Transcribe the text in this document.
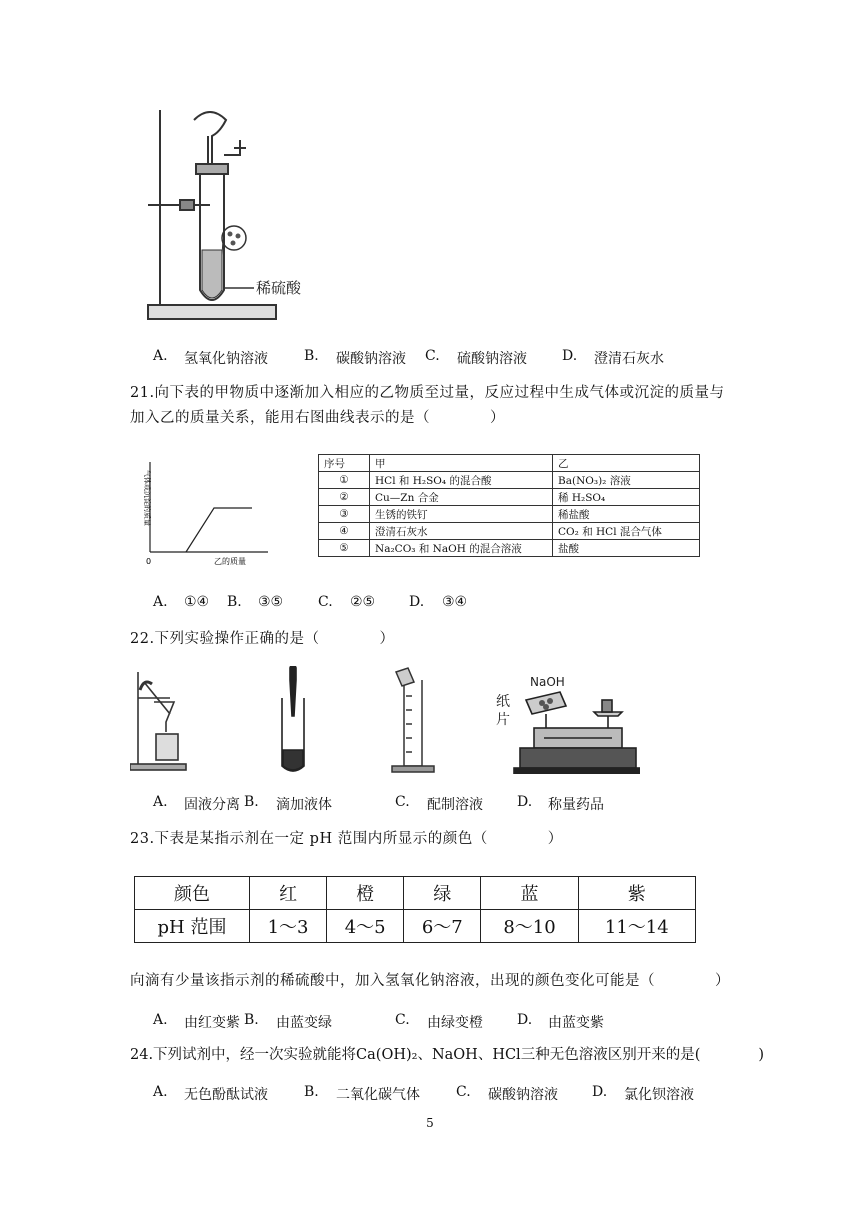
稀硫酸
A. 氢氧化钠溶液	B. 碳酸钠溶液 C. 硫酸钠溶液	D. 澄清石灰水
21.向下表的甲物质中逐渐加入相应的乙物质至过量，反应过程中生成气体或沉淀的质量与
加入乙的质量关系，能用右图曲线表示的是（　　　　）
0	乙的质量
气体或沉淀的质量
序号	甲	乙
①	HCl 和 H₂SO₄ 的混合酸	Ba(NO₃)₂ 溶液
②	Cu—Zn 合金	稀 H₂SO₄
③	生锈的铁钉	稀盐酸
④	澄清石灰水	CO₂ 和 HCl 混合气体
⑤	Na₂CO₃ 和 NaOH 的混合溶液	盐酸
A. ①④ B. ③⑤ C. ②⑤ D. ③④
22.下列实验操作正确的是（　　　　）
NaOH
纸
片
A. 固液分离 B. 滴加液体	C. 配制溶液 D. 称量药品
23.下表是某指示剂在一定 pH 范围内所显示的颜色（　　　　）
颜色	红	橙	绿	蓝	紫
pH 范围	1～3	4～5	6～7	8～10	11～14
向滴有少量该指示剂的稀硫酸中，加入氢氧化钠溶液，出现的颜色变化可能是（　　　　）
A. 由红变紫 B. 由蓝变绿	C. 由绿变橙 D. 由蓝变紫
24.下列试剂中，经一次实验就能将Ca(OH)₂、NaOH、HCl三种无色溶液区别开来的是(　　　　)
A. 无色酚酞试液	B. 二氧化碳气体	C. 碳酸钠溶液 D. 氯化钡溶液
5
